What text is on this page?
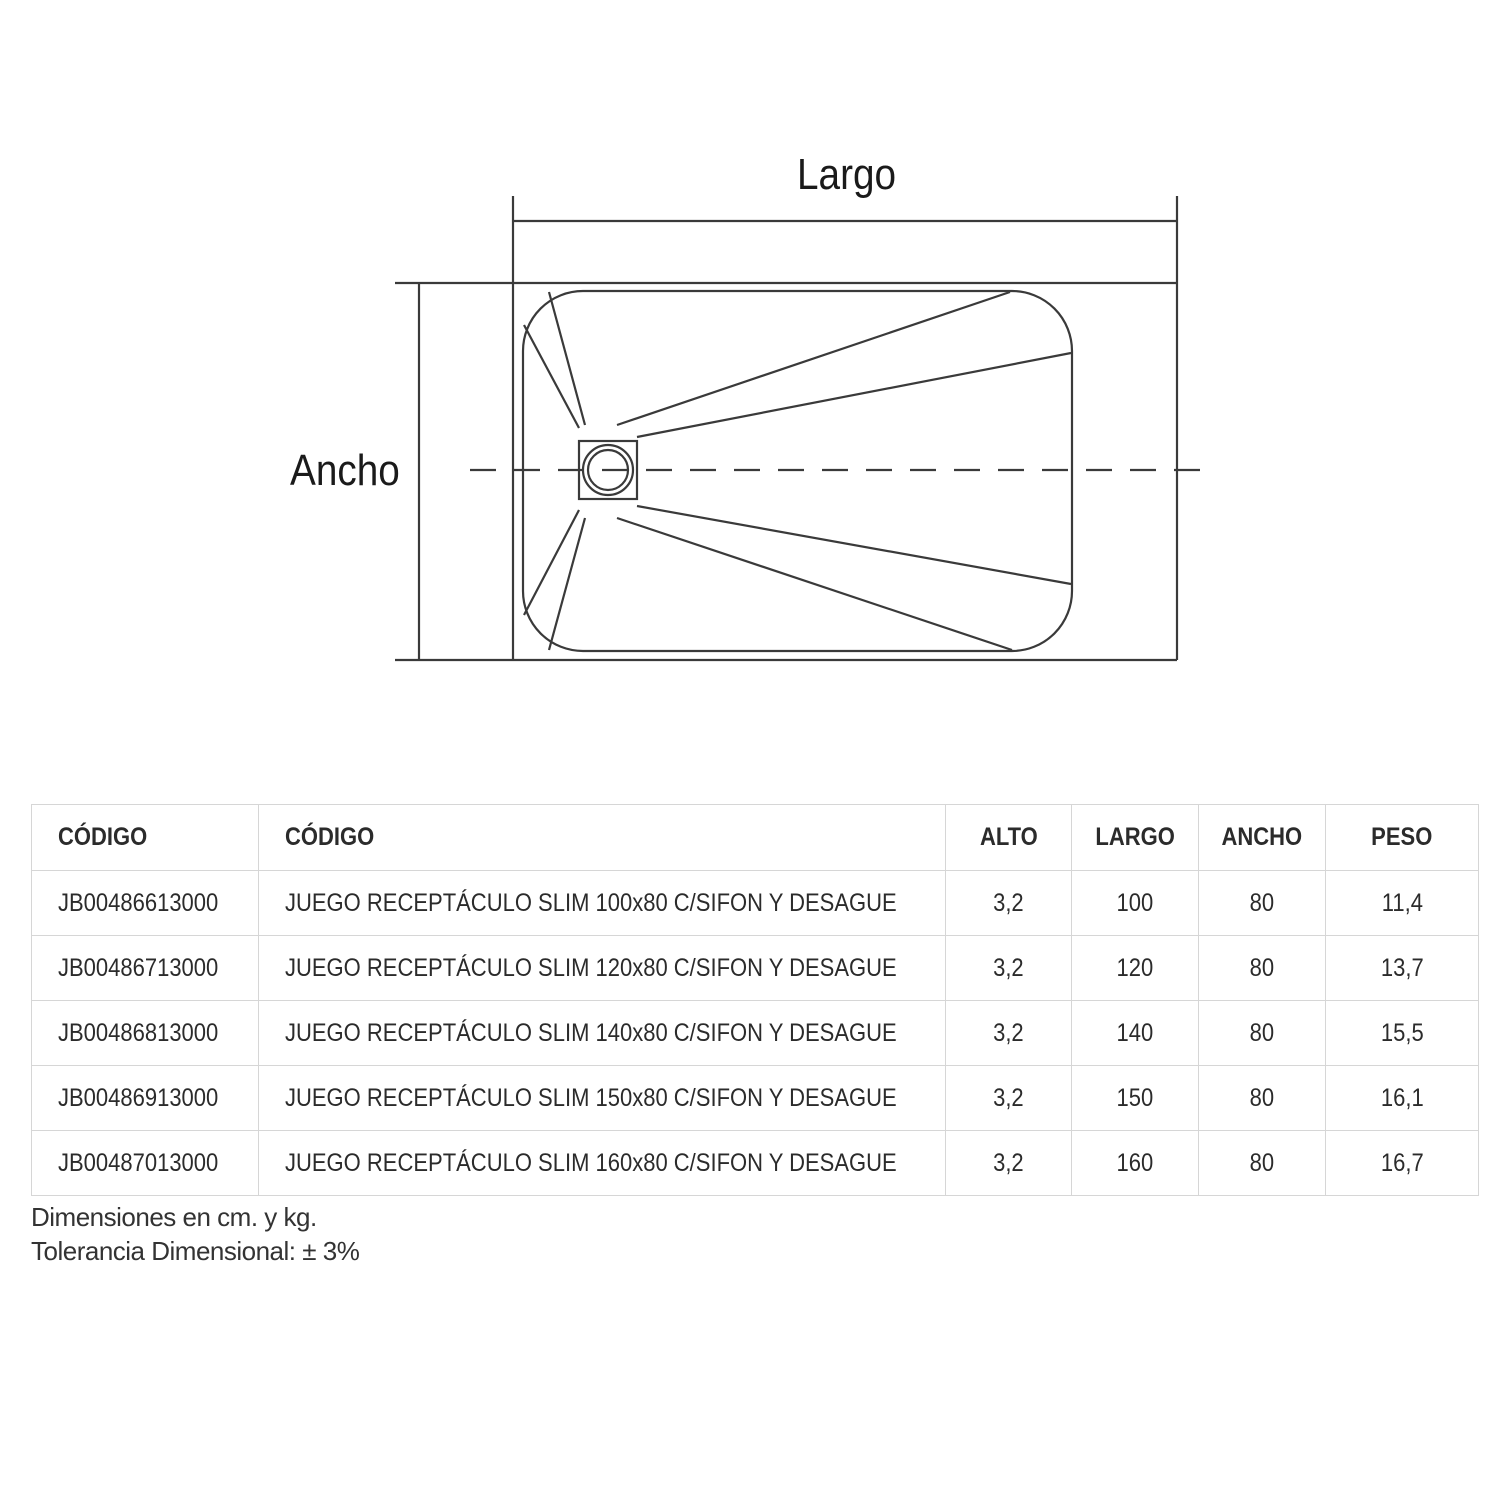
Largo
Ancho
CÓDIGO	CÓDIGO	ALTO	LARGO	ANCHO	PESO
JB00486613000	JUEGO RECEPTÁCULO SLIM 100x80 C/SIFON Y DESAGUE	3,2	100	80	11,4
JB00486713000	JUEGO RECEPTÁCULO SLIM 120x80 C/SIFON Y DESAGUE	3,2	120	80	13,7
JB00486813000	JUEGO RECEPTÁCULO SLIM 140x80 C/SIFON Y DESAGUE	3,2	140	80	15,5
JB00486913000	JUEGO RECEPTÁCULO SLIM 150x80 C/SIFON Y DESAGUE	3,2	150	80	16,1
JB00487013000	JUEGO RECEPTÁCULO SLIM 160x80 C/SIFON Y DESAGUE	3,2	160	80	16,7
Dimensiones en cm. y kg.
Tolerancia Dimensional: ± 3%
